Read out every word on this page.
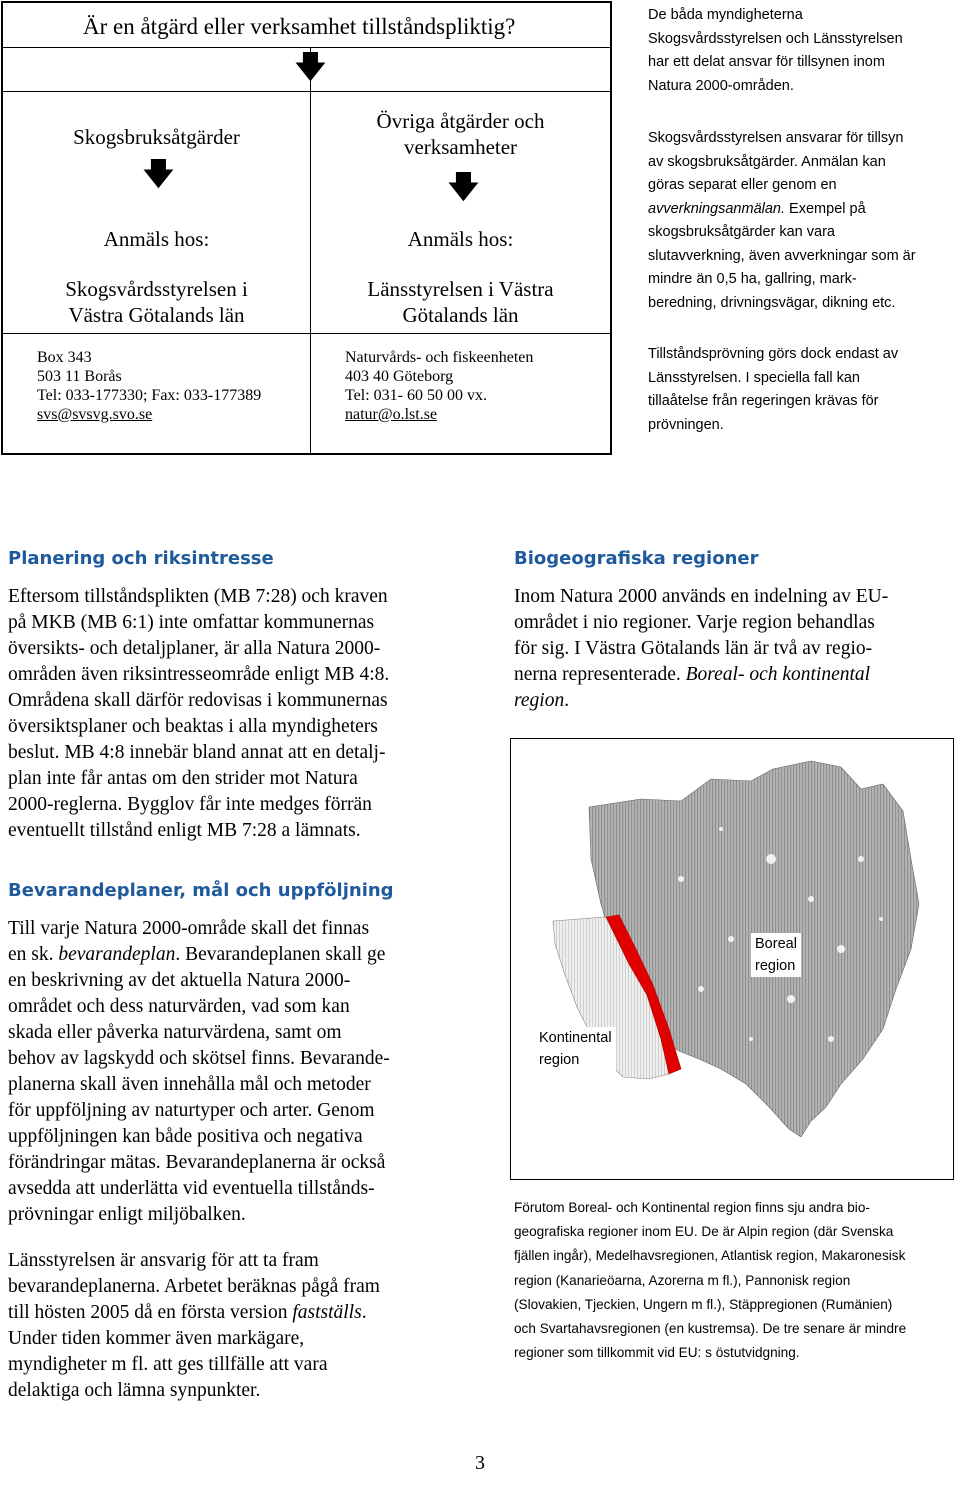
Är en åtgärd eller verksamhet tillståndspliktig?
🡇
Skogsbruksåtgärder
🡇
Anmäls hos:
Skogsvårdsstyrelsen i
Västra Götalands län
Övriga åtgärder och
verksamheter
🡇
Anmäls hos:
Länsstyrelsen i Västra
Götalands län
Box 343
503 11 Borås
Tel: 033-177330; Fax: 033-177389
svs@svsvg.svo.se
Naturvårds- och fiskeenheten
403 40 Göteborg
Tel: 031- 60 50 00 vx.
natur@o.lst.se
De båda myndigheterna
Skogsvårdsstyrelsen och Länsstyrelsen
har ett delat ansvar för tillsynen inom
Natura 2000-områden.
Skogsvårdsstyrelsen ansvarar för tillsyn
av skogsbruksåtgärder. Anmälan kan
göras separat eller genom en
avverkningsanmälan. Exempel på
skogsbruksåtgärder kan vara
slutavverkning, även avverkningar som är
mindre än 0,5 ha, gallring, mark-
beredning, drivningsvägar, dikning etc.
Tillståndsprövning görs dock endast av
Länsstyrelsen. I speciella fall kan
tillaåtelse från regeringen krävas för
prövningen.
Planering och riksintresse
Eftersom tillståndsplikten (MB 7:28) och kraven
på MKB (MB 6:1) inte omfattar kommunernas
översikts- och detaljplaner, är alla Natura 2000-
områden även riksintresseområde enligt MB 4:8.
Områdena skall därför redovisas i kommunernas
översiktsplaner och beaktas i alla myndigheters
beslut. MB 4:8 innebär bland annat att en detalj-
plan inte får antas om den strider mot Natura
2000-reglerna. Bygglov får inte medges förrän
eventuellt tillstånd enligt MB 7:28 a lämnats.
Bevarandeplaner, mål och uppföljning
Till varje Natura 2000-område skall det finnas
en sk. bevarandeplan. Bevarandeplanen skall ge
en beskrivning av det aktuella Natura 2000-
området och dess naturvärden, vad som kan
skada eller påverka naturvärdena, samt om
behov av lagskydd och skötsel finns. Bevarande-
planerna skall även innehålla mål och metoder
för uppföljning av naturtyper och arter. Genom
uppföljningen kan både positiva och negativa
förändringar mätas. Bevarandeplanerna är också
avsedda att underlätta vid eventuella tillstånds-
prövningar enligt miljöbalken.
Länsstyrelsen är ansvarig för att ta fram
bevarandeplanerna. Arbetet beräknas pågå fram
till hösten 2005 då en första version fastställs.
Under tiden kommer även markägare,
myndigheter m fl. att ges tillfälle att vara
delaktiga och lämna synpunkter.
Biogeografiska regioner
Inom Natura 2000 används en indelning av EU-
området i nio regioner. Varje region behandlas
för sig. I Västra Götalands län är två av regio-
nerna representerade. Boreal- och kontinental
region.
Boreal
region
Kontinental
region
Förutom Boreal- och Kontinental region finns sju andra bio-
geografiska regioner inom EU. De är Alpin region (där Svenska
fjällen ingår), Medelhavsregionen, Atlantisk region, Makaronesisk
region (Kanarieöarna, Azorerna m fl.), Pannonisk region
(Slovakien, Tjeckien, Ungern m fl.), Stäppregionen (Rumänien)
och Svartahavsregionen (en kustremsa). De tre senare är mindre
regioner som tillkommit vid EU: s östutvidgning.
3
